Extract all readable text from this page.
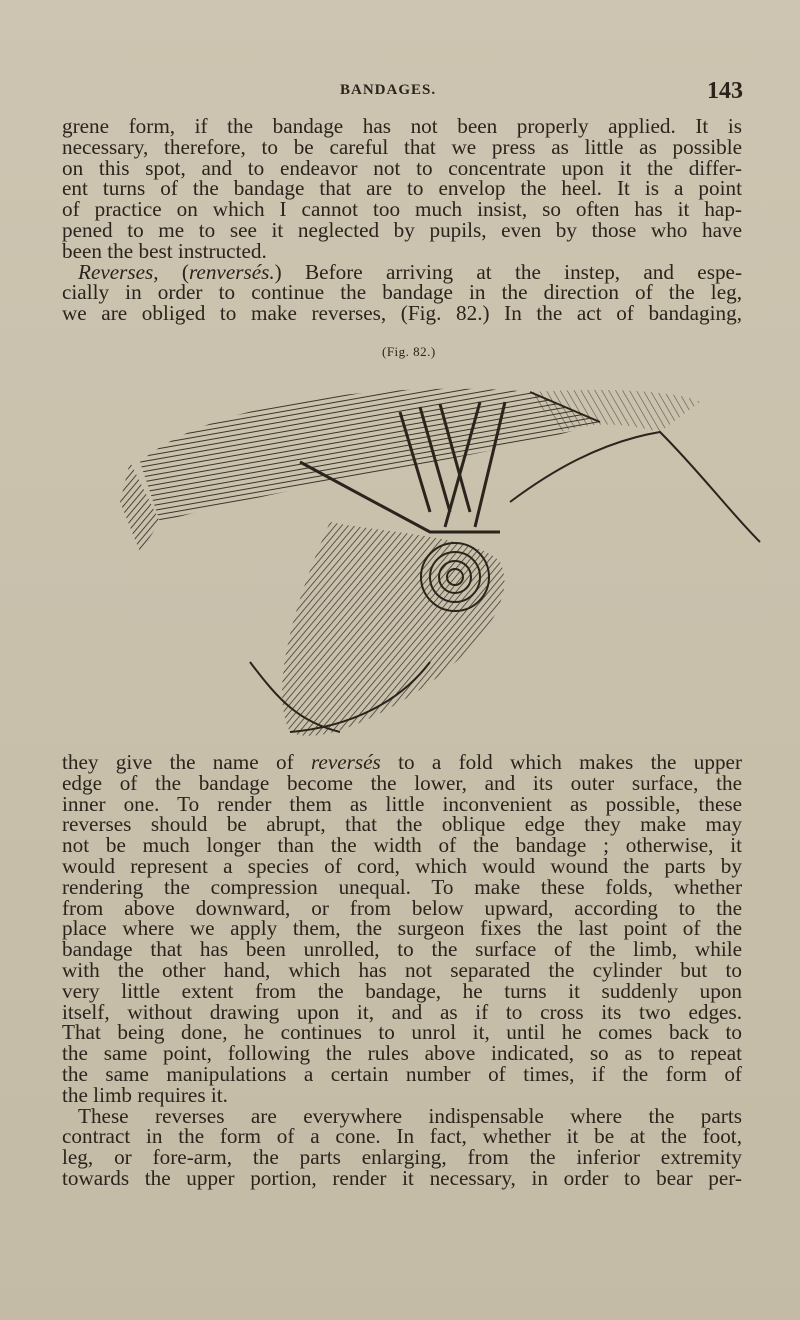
BANDAGES.	143
grene form, if the bandage has not been properly applied. It is
necessary, therefore, to be careful that we press as little as possible
on this spot, and to endeavor not to concentrate upon it the differ-
ent turns of the bandage that are to envelop the heel. It is a point
of practice on which I cannot too much insist, so often has it hap-
pened to me to see it neglected by pupils, even by those who have
been the best instructed.
Reverses, (renversés.) Before arriving at the instep, and espe-
cially in order to continue the bandage in the direction of the leg,
we are obliged to make reverses, (Fig. 82.) In the act of bandaging,
(Fig. 82.)
they give the name of reversés to a fold which makes the upper
edge of the bandage become the lower, and its outer surface, the
inner one. To render them as little inconvenient as possible, these
reverses should be abrupt, that the oblique edge they make may
not be much longer than the width of the bandage ; otherwise, it
would represent a species of cord, which would wound the parts by
rendering the compression unequal. To make these folds, whether
from above downward, or from below upward, according to the
place where we apply them, the surgeon fixes the last point of the
bandage that has been unrolled, to the surface of the limb, while
with the other hand, which has not separated the cylinder but to
very little extent from the bandage, he turns it suddenly upon
itself, without drawing upon it, and as if to cross its two edges.
That being done, he continues to unrol it, until he comes back to
the same point, following the rules above indicated, so as to repeat
the same manipulations a certain number of times, if the form of
the limb requires it.
These reverses are everywhere indispensable where the parts
contract in the form of a cone. In fact, whether it be at the foot,
leg, or fore-arm, the parts enlarging, from the inferior extremity
towards the upper portion, render it necessary, in order to bear per-
